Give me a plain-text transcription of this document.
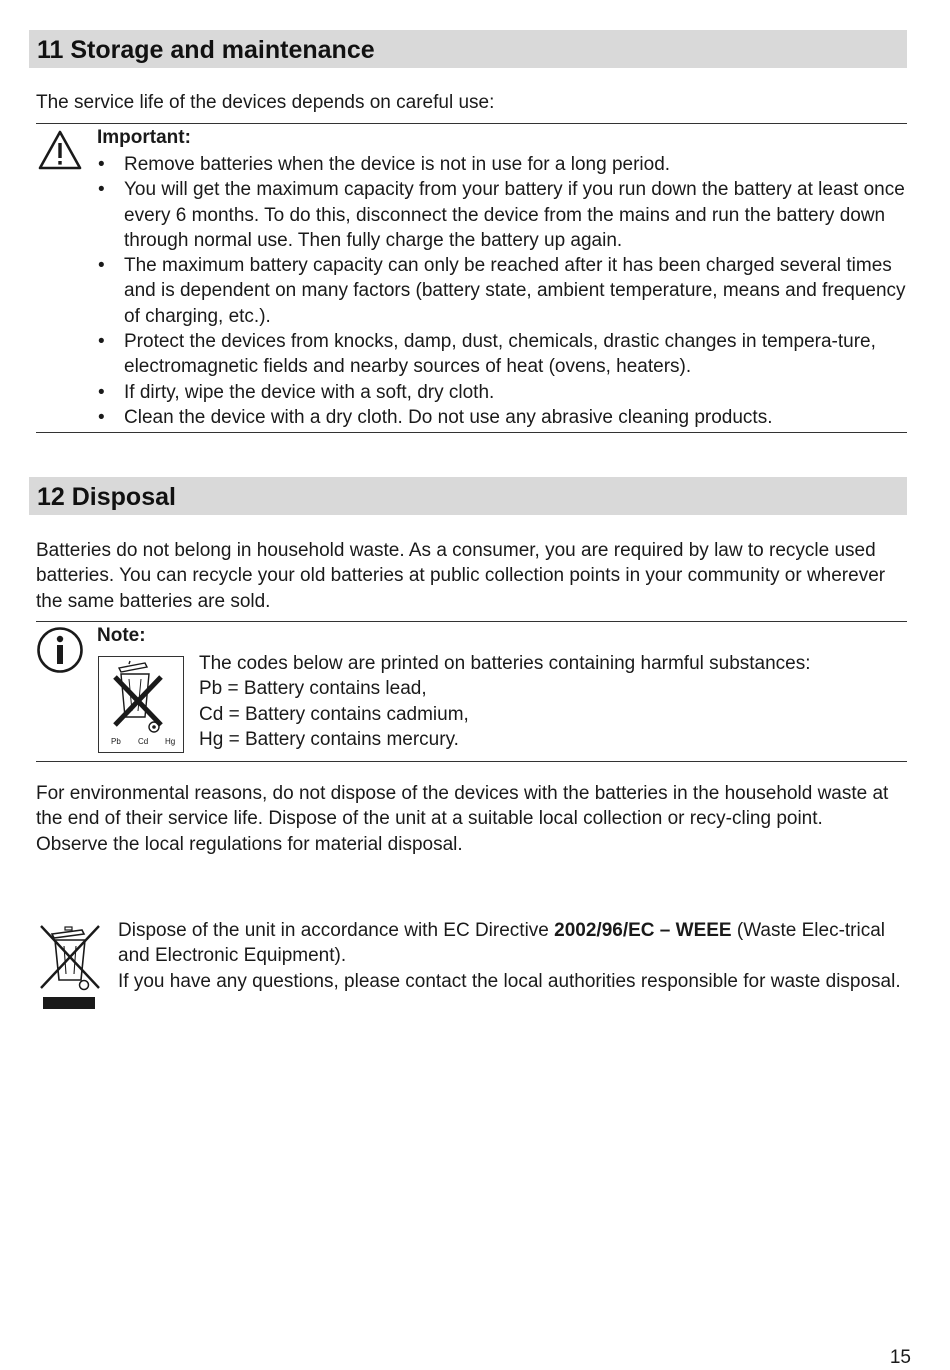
11 Storage and maintenance
The service life of the devices depends on careful use:
Important:
• Remove batteries when the device is not in use for a long period.
• You will get the maximum capacity from your battery if you run down the battery at least once every 6 months. To do this, disconnect the device from the mains and run the battery down through normal use. Then fully charge the battery up again.
• The maximum battery capacity can only be reached after it has been charged several times and is dependent on many factors (battery state, ambient temperature, means and frequency of charging, etc.).
• Protect the devices from knocks, damp, dust, chemicals, drastic changes in tempera-ture, electromagnetic fields and nearby sources of heat (ovens, heaters).
• If dirty, wipe the device with a soft, dry cloth.
• Clean the device with a dry cloth. Do not use any abrasive cleaning products.
12 Disposal
Batteries do not belong in household waste. As a consumer, you are required by law to recycle used batteries. You can recycle your old batteries at public collection points in your community or wherever the same batteries are sold.
Note:
Pb Cd Hg
The codes below are printed on batteries containing harmful substances:
Pb = Battery contains lead,
Cd = Battery contains cadmium,
Hg = Battery contains mercury.
For environmental reasons, do not dispose of the devices with the batteries in the household waste at the end of their service life. Dispose of the unit at a suitable local collection or recy-cling point.
Observe the local regulations for material disposal.
Dispose of the unit in accordance with EC Directive 2002/96/EC – WEEE (Waste Elec-trical and Electronic Equipment).
If you have any questions, please contact the local authorities responsible for waste disposal.
15
